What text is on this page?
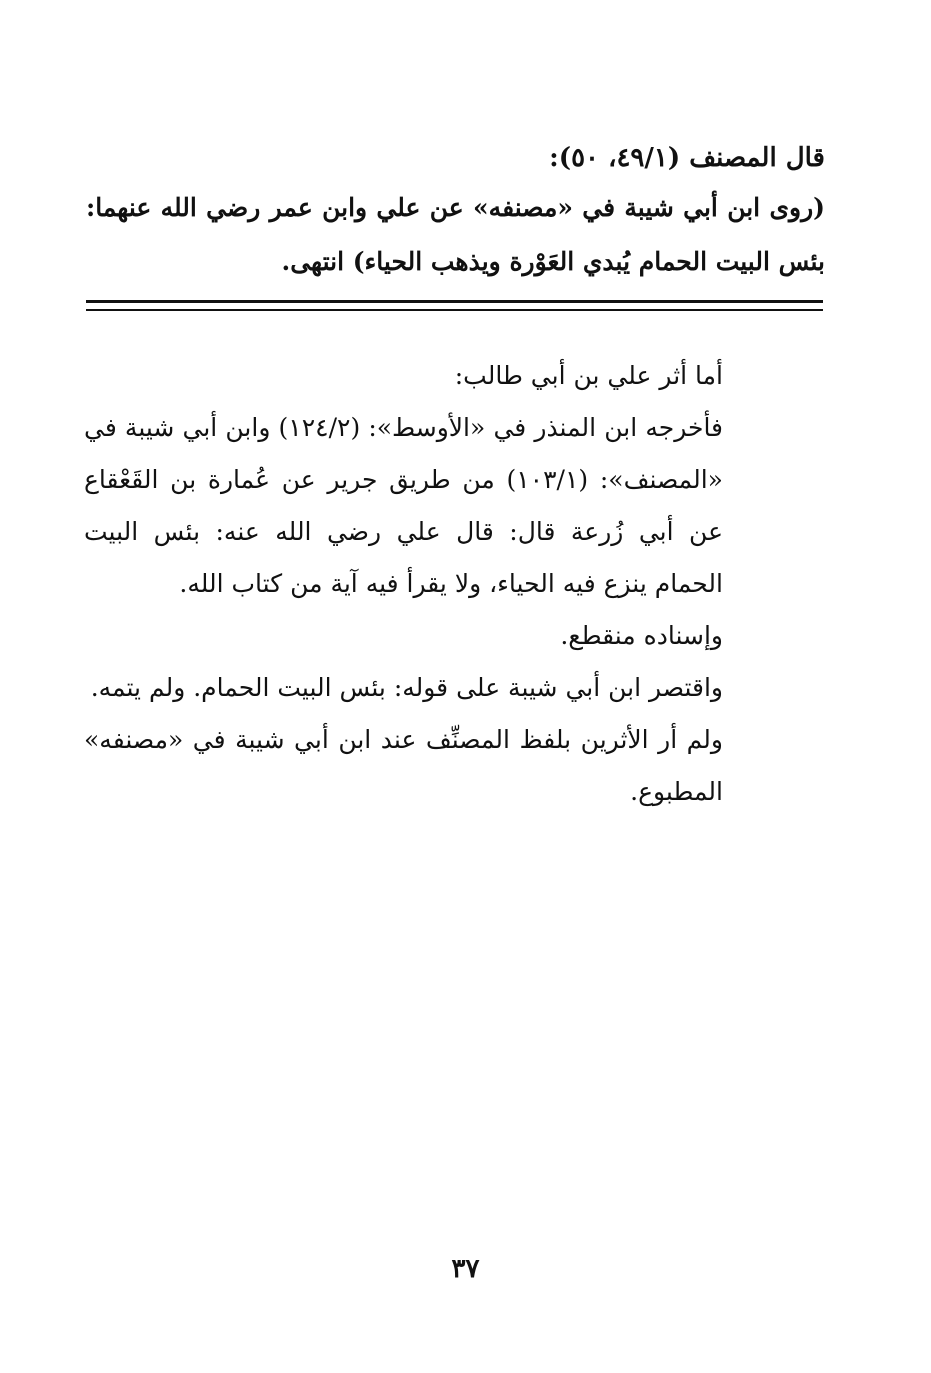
قال المصنف (٤٩/١، ٥٠):
(روى ابن أبي شيبة في «مصنفه» عن علي وابن عمر رضي الله عنهما: بئس البيت الحمام يُبدي العَوْرة ويذهب الحياء) انتهى.

أما أثر علي بن أبي طالب:

فأخرجه ابن المنذر في «الأوسط»: (١٢٤/٢) وابن أبي شيبة في «المصنف»: (١٠٣/١) من طريق جرير عن عُمارة بن القَعْقاع عن أبي زُرعة قال: قال علي رضي الله عنه: بئس البيت الحمام ينزع فيه الحياء، ولا يقرأ فيه آية من كتاب الله.

وإسناده منقطع.

واقتصر ابن أبي شيبة على قوله: بئس البيت الحمام. ولم يتمه.

ولم أر الأثرين بلفظ المصنِّف عند ابن أبي شيبة في «مصنفه» المطبوع.

٣٧
